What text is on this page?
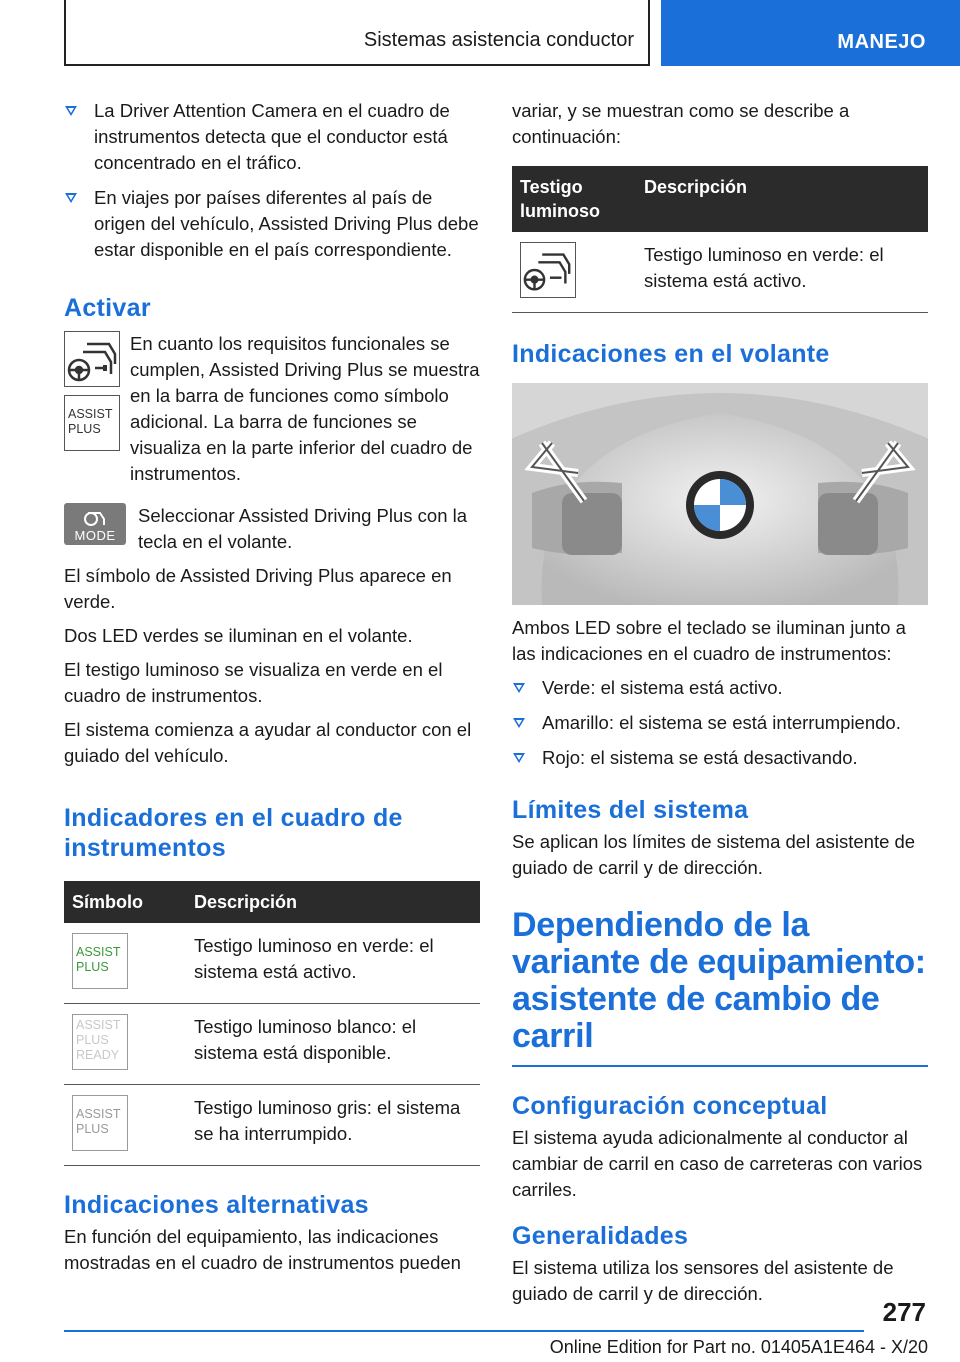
Sistemas asistencia conductor	MANEJO
La Driver Attention Camera en el cuadro de instrumentos detecta que el conductor está concentrado en el tráfico.
En viajes por países diferentes al país de origen del vehículo, Assisted Driving Plus debe estar disponible en el país correspondiente.
Activar
ASSIST
PLUS

En cuanto los requisitos funcionales se cumplen, Assisted Driving Plus se muestra en la barra de funciones como símbolo adicional. La barra de funciones se visualiza en la parte inferior del cuadro de instrumentos.

MODE

Seleccionar Assisted Driving Plus con la tecla en el volante.

El símbolo de Assisted Driving Plus aparece en verde.

Dos LED verdes se iluminan en el volante.

El testigo luminoso se visualiza en verde en el cuadro de instrumentos.

El sistema comienza a ayudar al conductor con el guiado del vehículo.

Indicadores en el cuadro de instrumentos
Símbolo	Descripción

ASSIST
PLUS	Testigo luminoso en verde: el sistema está activo.

ASSIST
PLUS
READY	Testigo luminoso blanco: el sistema está disponible.

ASSIST
PLUS	Testigo luminoso gris: el sistema se ha interrumpido.
Indicaciones alternativas

En función del equipamiento, las indicaciones mostradas en el cuadro de instrumentos pueden

variar, y se muestran como se describe a continuación:

Testigo luminoso	Descripción

	Testigo luminoso en verde: el sistema está activo.
Indicaciones en el volante

Ambos LED sobre el teclado se iluminan junto a las indicaciones en el cuadro de instrumentos:

Verde: el sistema está activo.
Amarillo: el sistema se está interrumpiendo.
Rojo: el sistema se está desactivando.
Límites del sistema

Se aplican los límites de sistema del asistente de guiado de carril y de dirección.

Dependiendo de la variante de equipamiento: asistente de cambio de carril
Configuración conceptual

El sistema ayuda adicionalmente al conductor al cambiar de carril en caso de carreteras con varios carriles.

Generalidades

El sistema utiliza los sensores del asistente de guiado de carril y de dirección.

277
Online Edition for Part no. 01405A1E464 - X/20
